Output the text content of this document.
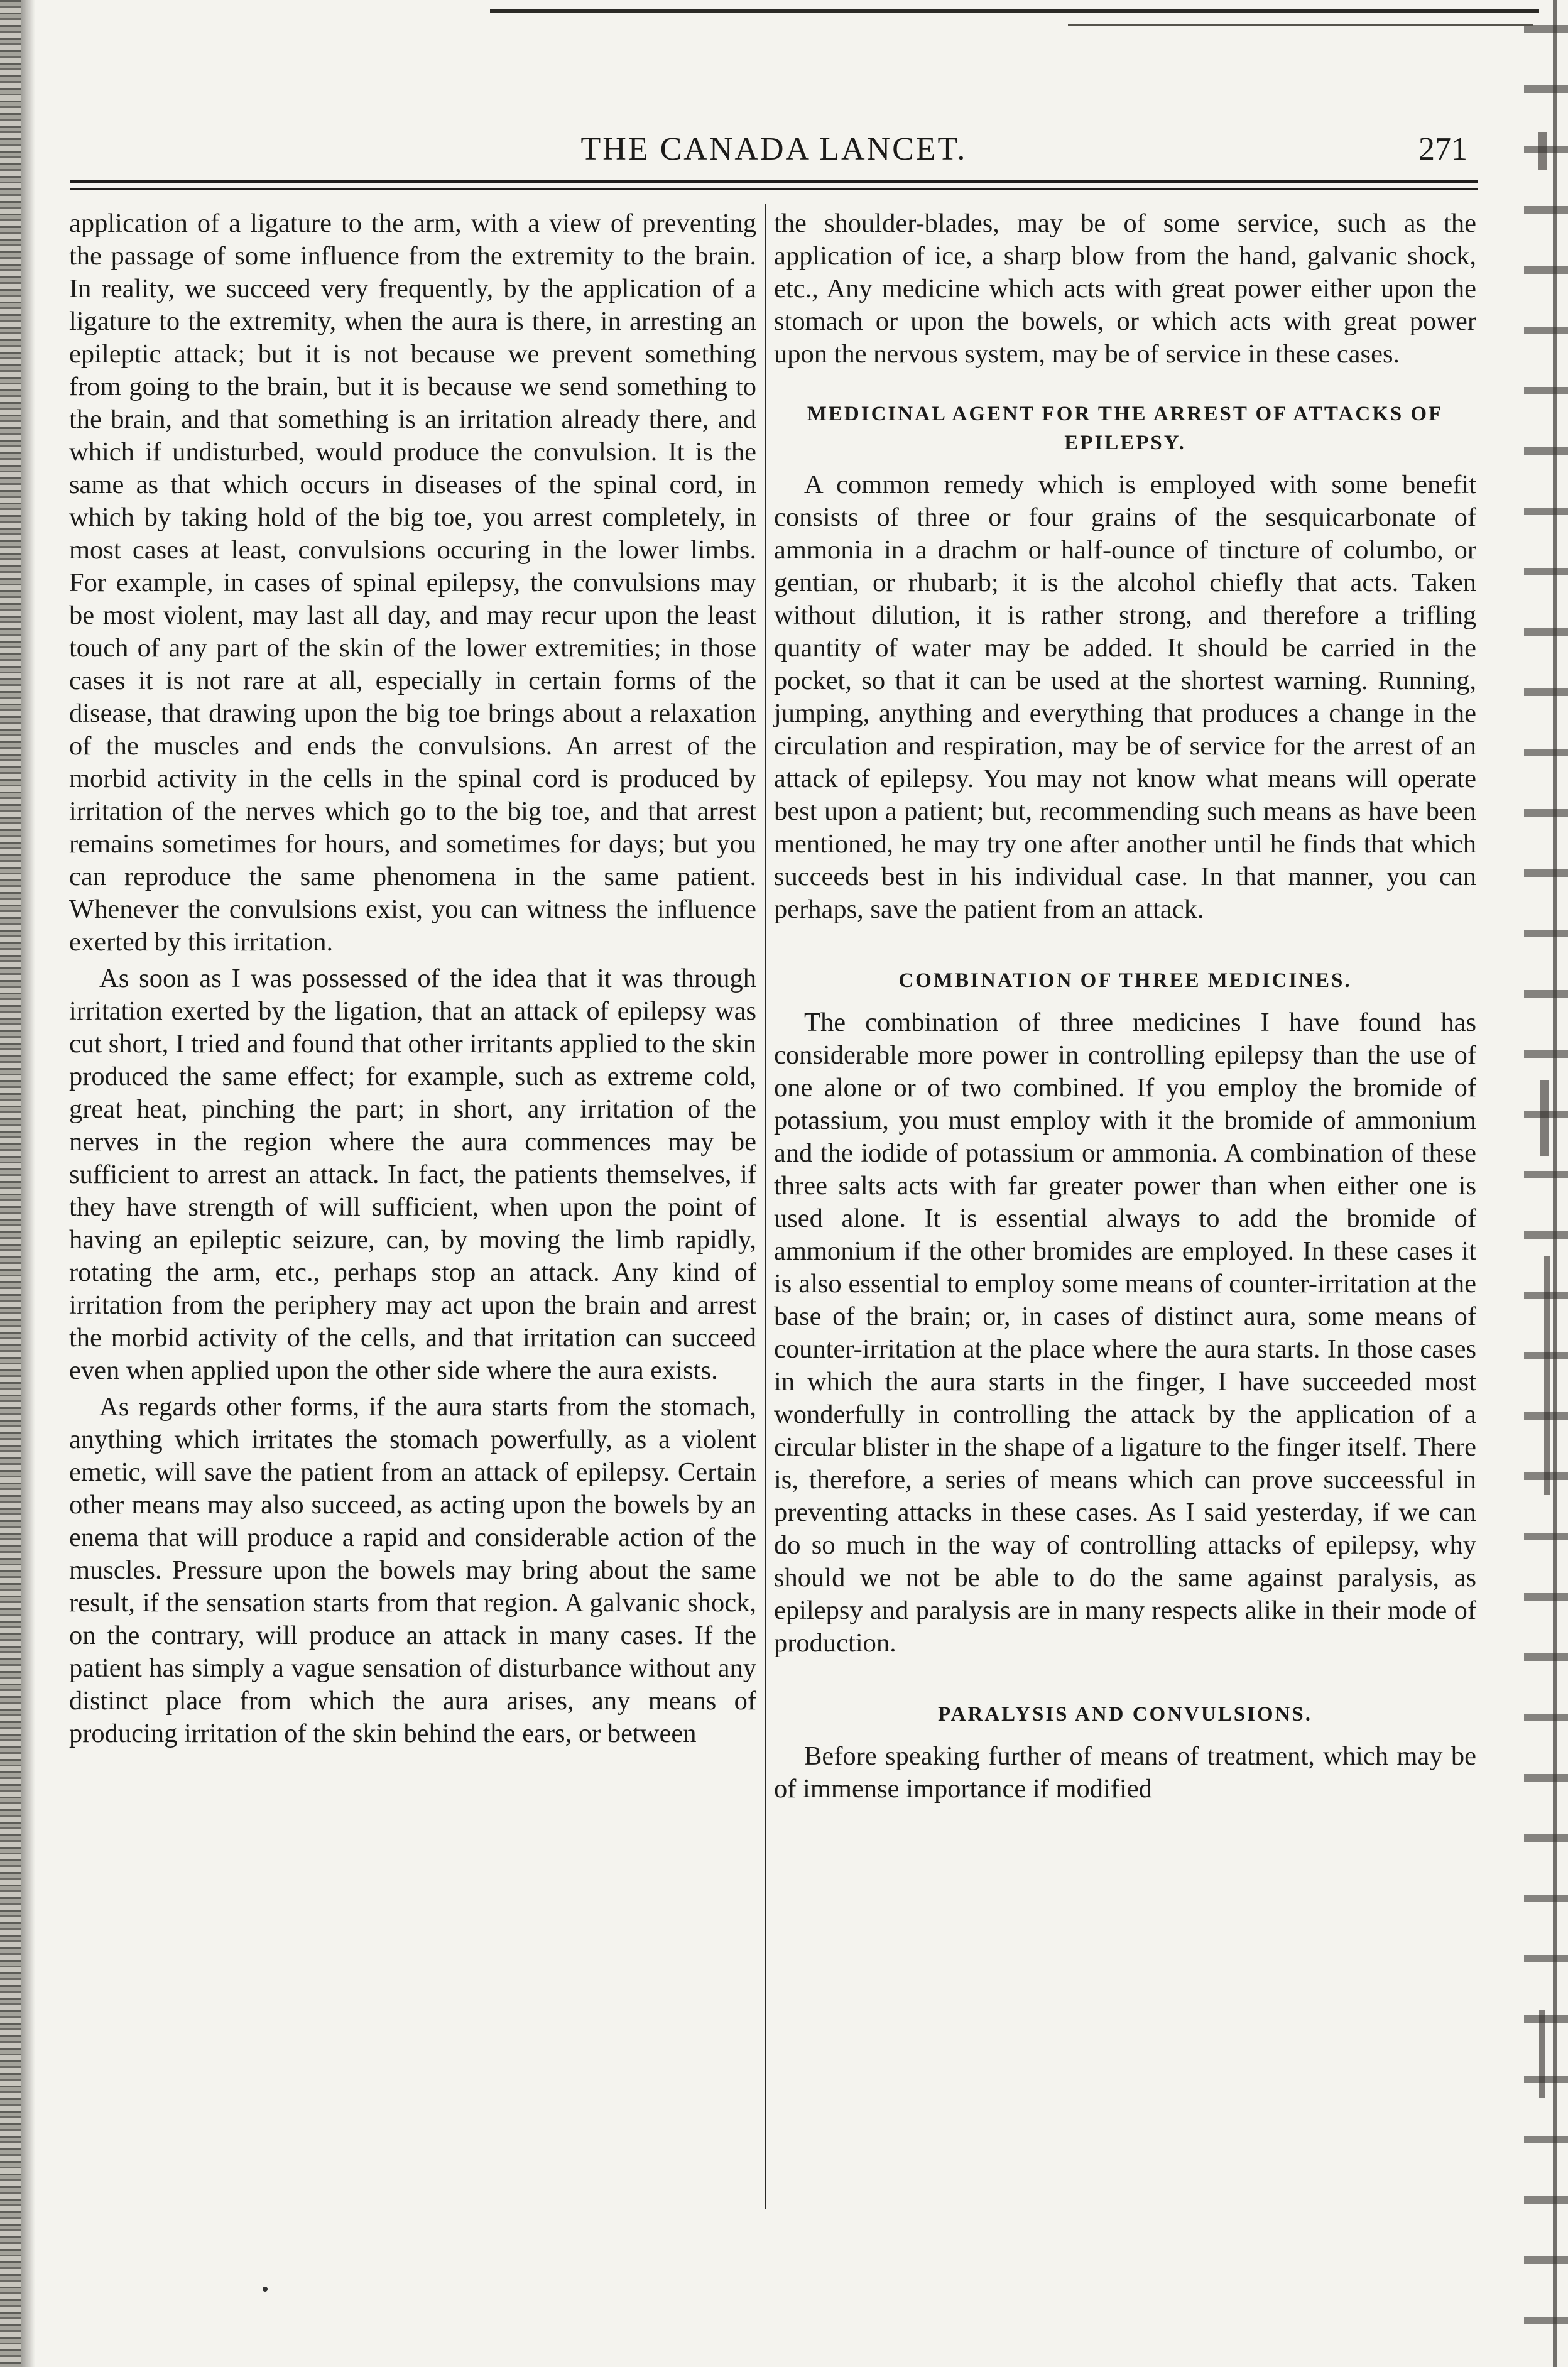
THE CANADA LANCET.	271

application of a ligature to the arm, with a view of preventing the passage of some influence from the extremity to the brain. In reality, we succeed very frequently, by the application of a ligature to the extremity, when the aura is there, in arresting an epileptic attack; but it is not because we prevent something from going to the brain, but it is because we send something to the brain, and that something is an irritation already there, and which if undisturbed, would produce the convulsion. It is the same as that which occurs in diseases of the spinal cord, in which by taking hold of the big toe, you arrest completely, in most cases at least, convulsions occuring in the lower limbs. For example, in cases of spinal epilepsy, the convulsions may be most violent, may last all day, and may recur upon the least touch of any part of the skin of the lower extremities; in those cases it is not rare at all, especially in certain forms of the disease, that drawing upon the big toe brings about a relaxation of the muscles and ends the convulsions. An arrest of the morbid activity in the cells in the spinal cord is produced by irritation of the nerves which go to the big toe, and that arrest remains sometimes for hours, and sometimes for days; but you can reproduce the same phenomena in the same patient. Whenever the convulsions exist, you can witness the influence exerted by this irritation.

As soon as I was possessed of the idea that it was through irritation exerted by the ligation, that an attack of epilepsy was cut short, I tried and found that other irritants applied to the skin produced the same effect; for example, such as extreme cold, great heat, pinching the part; in short, any irritation of the nerves in the region where the aura commences may be sufficient to arrest an attack. In fact, the patients themselves, if they have strength of will sufficient, when upon the point of having an epileptic seizure, can, by moving the limb rapidly, rotating the arm, etc., perhaps stop an attack. Any kind of irritation from the periphery may act upon the brain and arrest the morbid activity of the cells, and that irritation can succeed even when applied upon the other side where the aura exists.

As regards other forms, if the aura starts from the stomach, anything which irritates the stomach powerfully, as a violent emetic, will save the patient from an attack of epilepsy. Certain other means may also succeed, as acting upon the bowels by an enema that will produce a rapid and considerable action of the muscles. Pressure upon the bowels may bring about the same result, if the sensation starts from that region. A galvanic shock, on the contrary, will produce an attack in many cases. If the patient has simply a vague sensation of disturbance without any distinct place from which the aura arises, any means of producing irritation of the skin behind the ears, or between

the shoulder-blades, may be of some service, such as the application of ice, a sharp blow from the hand, galvanic shock, etc., Any medicine which acts with great power either upon the stomach or upon the bowels, or which acts with great power upon the nervous system, may be of service in these cases.

MEDICINAL AGENT FOR THE ARREST OF ATTACKS OF EPILEPSY.

A common remedy which is employed with some benefit consists of three or four grains of the sesquicarbonate of ammonia in a drachm or half-ounce of tincture of columbo, or gentian, or rhubarb; it is the alcohol chiefly that acts. Taken without dilution, it is rather strong, and therefore a trifling quantity of water may be added. It should be carried in the pocket, so that it can be used at the shortest warning. Running, jumping, anything and everything that produces a change in the circulation and respiration, may be of service for the arrest of an attack of epilepsy. You may not know what means will operate best upon a patient; but, recommending such means as have been mentioned, he may try one after another until he finds that which succeeds best in his individual case. In that manner, you can perhaps, save the patient from an attack.

COMBINATION OF THREE MEDICINES.

The combination of three medicines I have found has considerable more power in controlling epilepsy than the use of one alone or of two combined. If you employ the bromide of potassium, you must employ with it the bromide of ammonium and the iodide of potassium or ammonia. A combination of these three salts acts with far greater power than when either one is used alone. It is essential always to add the bromide of ammonium if the other bromides are employed. In these cases it is also essential to employ some means of counter-irritation at the base of the brain; or, in cases of distinct aura, some means of counter-irritation at the place where the aura starts. In those cases in which the aura starts in the finger, I have succeeded most wonderfully in controlling the attack by the application of a circular blister in the shape of a ligature to the finger itself. There is, therefore, a series of means which can prove succeessful in preventing attacks in these cases. As I said yesterday, if we can do so much in the way of controlling attacks of epilepsy, why should we not be able to do the same against paralysis, as epilepsy and paralysis are in many respects alike in their mode of production.

PARALYSIS AND CONVULSIONS.

Before speaking further of means of treatment, which may be of immense importance if modified
